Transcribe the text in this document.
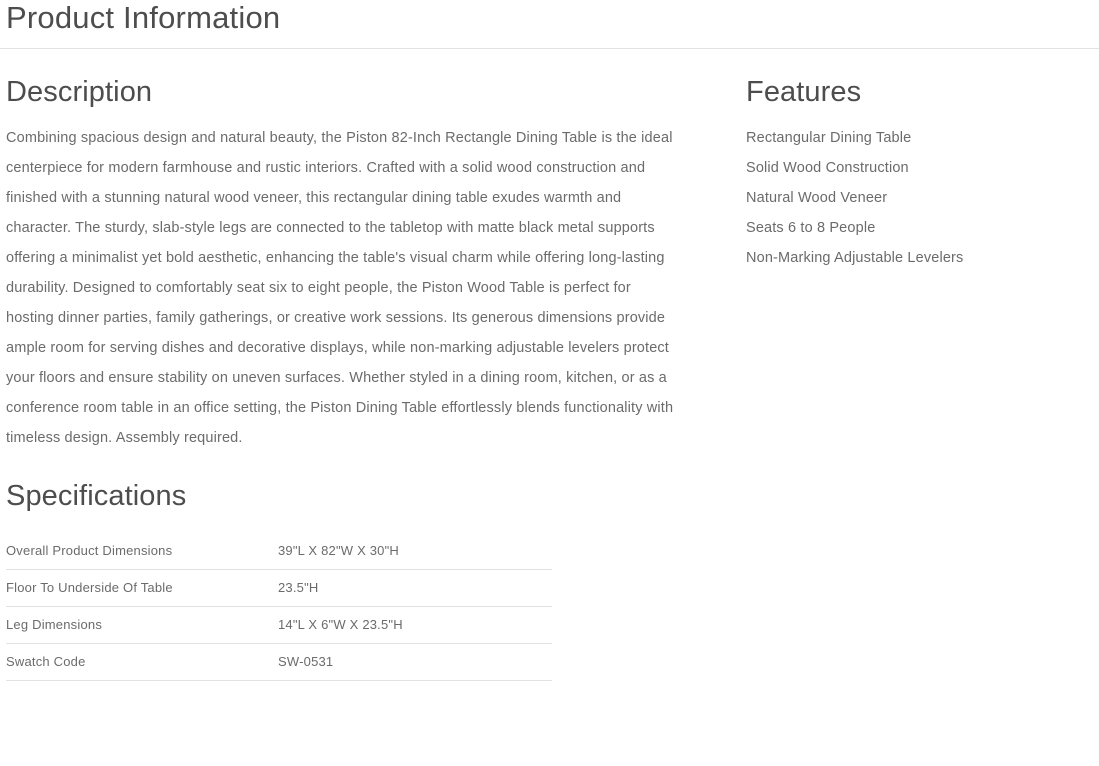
Product Information
Description

Combining spacious design and natural beauty, the Piston 82-Inch Rectangle Dining Table is the ideal centerpiece for modern farmhouse and rustic interiors. Crafted with a solid wood construction and finished with a stunning natural wood veneer, this rectangular dining table exudes warmth and character. The sturdy, slab-style legs are connected to the tabletop with matte black metal supports offering a minimalist yet bold aesthetic, enhancing the table's visual charm while offering long-lasting durability. Designed to comfortably seat six to eight people, the Piston Wood Table is perfect for hosting dinner parties, family gatherings, or creative work sessions. Its generous dimensions provide ample room for serving dishes and decorative displays, while non-marking adjustable levelers protect your floors and ensure stability on uneven surfaces. Whether styled in a dining room, kitchen, or as a conference room table in an office setting, the Piston Dining Table effortlessly blends functionality with timeless design. Assembly required.

Specifications
Overall Product Dimensions	39"L X 82"W X 30"H
Floor To Underside Of Table	23.5"H
Leg Dimensions	14"L X 6"W X 23.5"H
Swatch Code	SW-0531
Features
Rectangular Dining Table
Solid Wood Construction
Natural Wood Veneer
Seats 6 to 8 People
Non-Marking Adjustable Levelers
